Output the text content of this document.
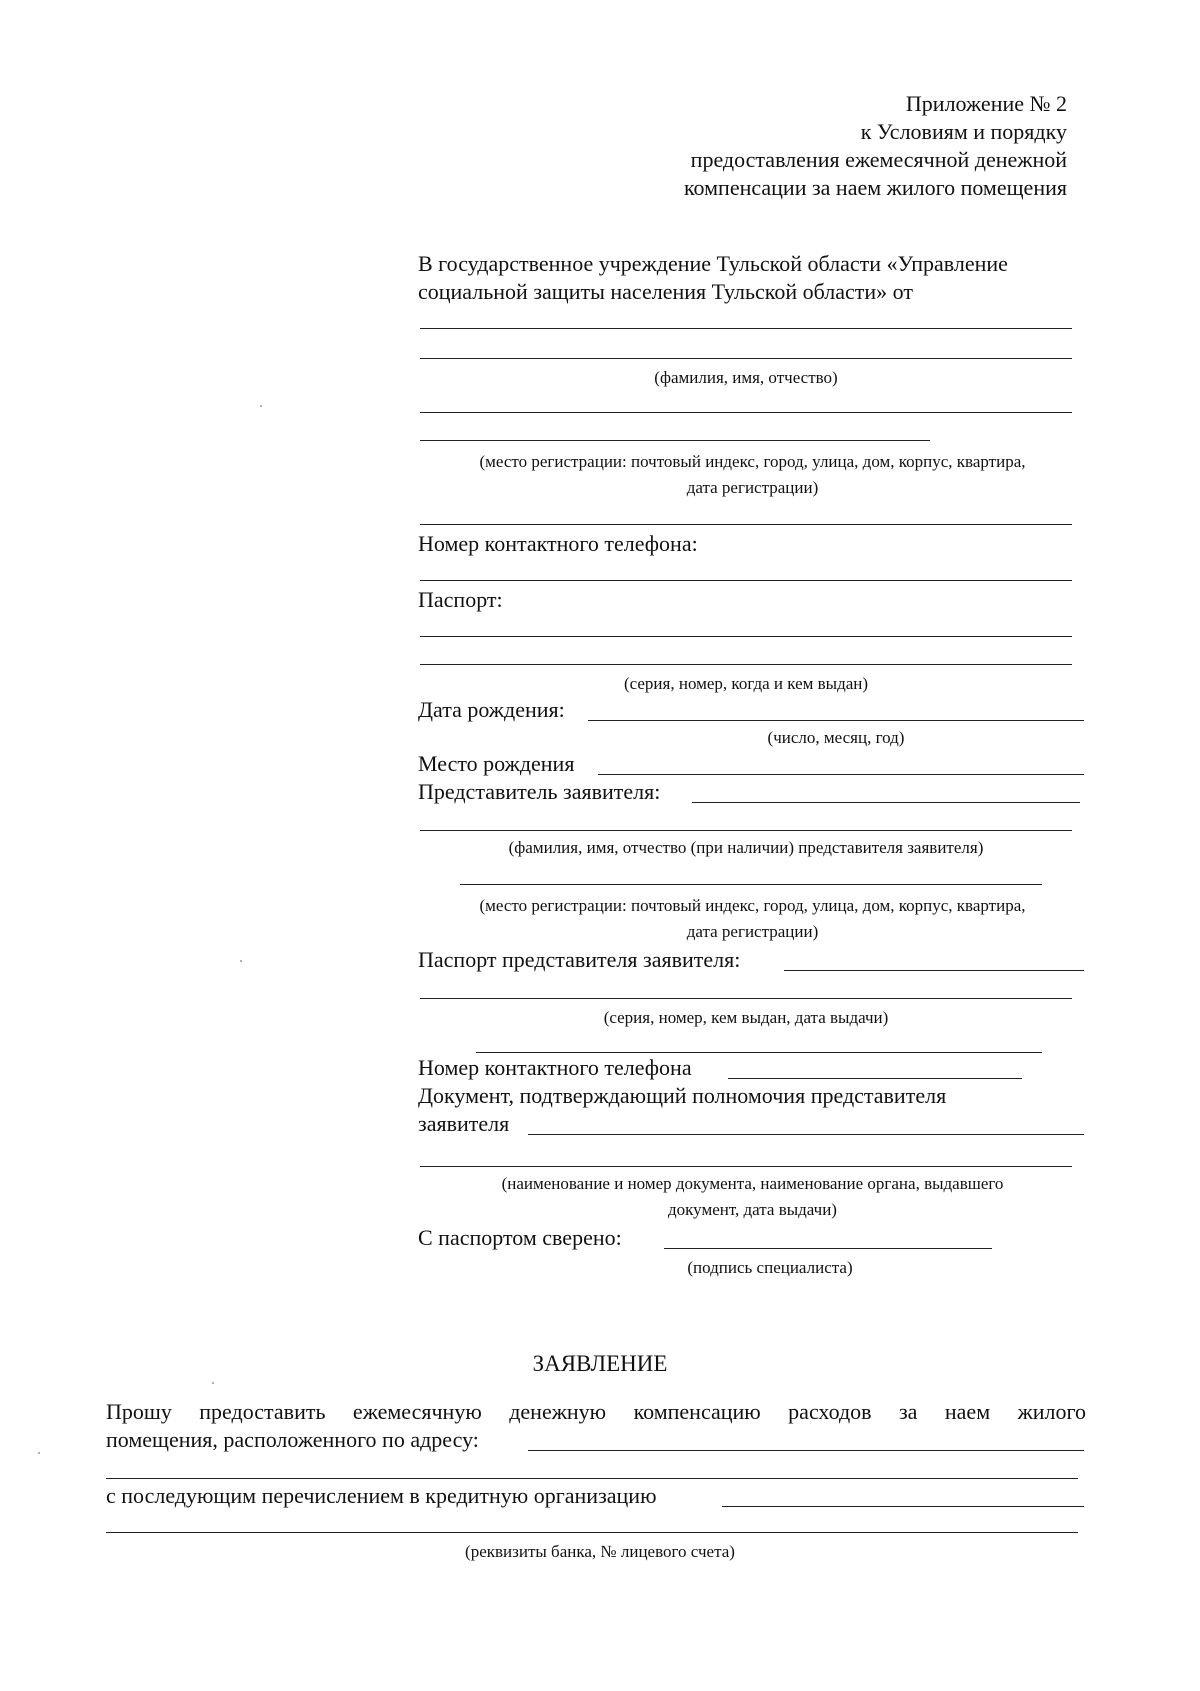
Приложение № 2
к Условиям и порядку
предоставления ежемесячной денежной
компенсации за наем жилого помещения
В государственное учреждение Тульской области «Управление
социальной защиты населения Тульской области» от
(фамилия, имя, отчество)
(место регистрации: почтовый индекс, город, улица, дом, корпус, квартира,
дата регистрации)
Номер контактного телефона:
Паспорт:
(серия, номер, когда и кем выдан)
Дата рождения:
(число, месяц, год)
Место рождения
Представитель заявителя:
(фамилия, имя, отчество (при наличии) представителя заявителя)
(место регистрации: почтовый индекс, город, улица, дом, корпус, квартира,
дата регистрации)
Паспорт представителя заявителя:
(серия, номер, кем выдан, дата выдачи)
Номер контактного телефона
Документ, подтверждающий полномочия представителя
заявителя
(наименование и номер документа, наименование органа, выдавшего
документ, дата выдачи)
С паспортом сверено:
(подпись специалиста)
ЗАЯВЛЕНИЕ
Прошу предоставить ежемесячную денежную компенсацию расходов за наем жилого
помещения, расположенного по адресу:
с последующим перечислением в кредитную организацию
(реквизиты банка, № лицевого счета)
